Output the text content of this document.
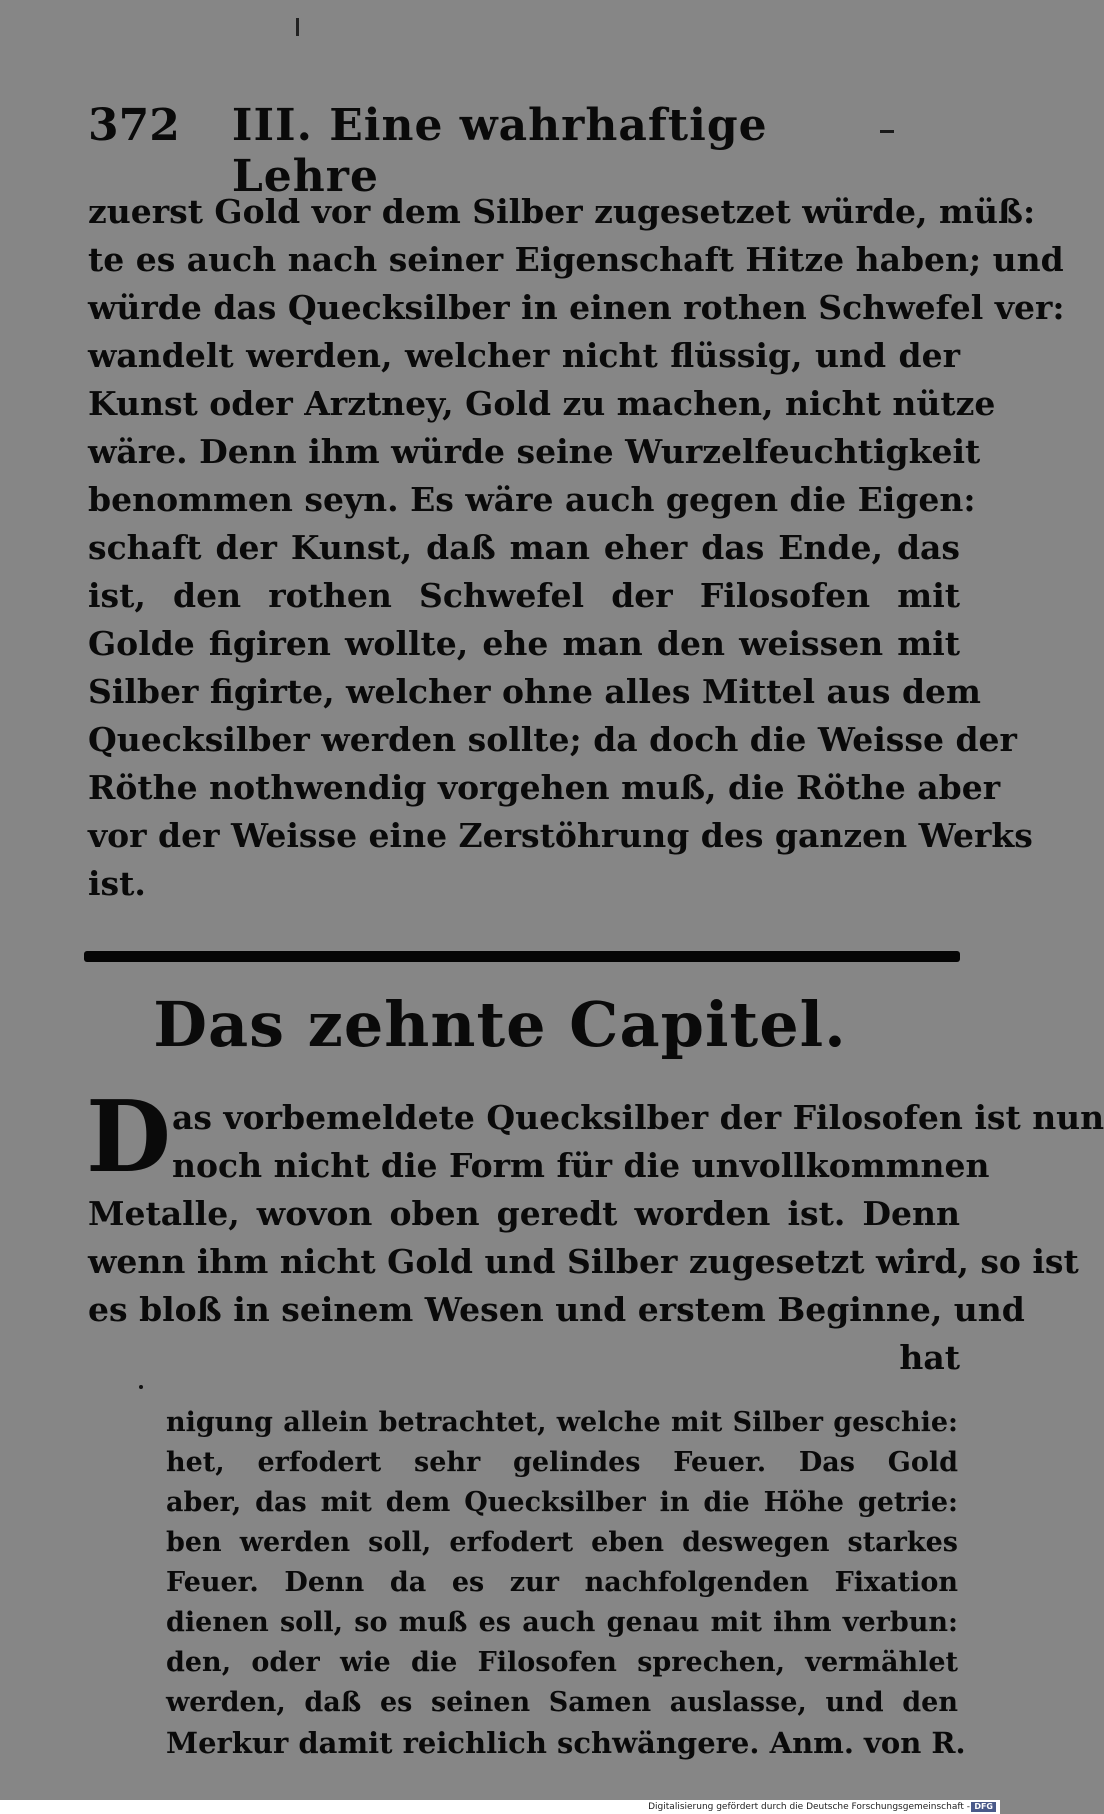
372 III. Eine wahrhaftige Lehre
zuerst Gold vor dem Silber zugesetzet würde, müß:
te es auch nach seiner Eigenschaft Hitze haben; und
würde das Quecksilber in einen rothen Schwefel ver:
wandelt werden, welcher nicht flüssig, und der
Kunst oder Arztney, Gold zu machen, nicht nütze
wäre. Denn ihm würde seine Wurzelfeuchtigkeit
benommen seyn. Es wäre auch gegen die Eigen:
schaft der Kunst, daß man eher das Ende, das
ist, den rothen Schwefel der Filosofen mit
Golde figiren wollte, ehe man den weissen mit
Silber figirte, welcher ohne alles Mittel aus dem
Quecksilber werden sollte; da doch die Weisse der
Röthe nothwendig vorgehen muß, die Röthe aber
vor der Weisse eine Zerstöhrung des ganzen Werks
ist.
Das zehnte Capitel.
D as vorbemeldete Quecksilber der Filosofen ist nun
noch nicht die Form für die unvollkommnen
Metalle, wovon oben geredt worden ist. Denn
wenn ihm nicht Gold und Silber zugesetzt wird, so ist
es bloß in seinem Wesen und erstem Beginne, und
hat
nigung allein betrachtet, welche mit Silber geschie:
het, erfodert sehr gelindes Feuer. Das Gold
aber, das mit dem Quecksilber in die Höhe getrie:
ben werden soll, erfodert eben deswegen starkes
Feuer. Denn da es zur nachfolgenden Fixation
dienen soll, so muß es auch genau mit ihm verbun:
den, oder wie die Filosofen sprechen, vermählet
werden, daß es seinen Samen auslasse, und den
Merkur damit reichlich schwängere. Anm. von R.
Digitalisierung gefördert durch die Deutsche Forschungsgemeinschaft - DFG
